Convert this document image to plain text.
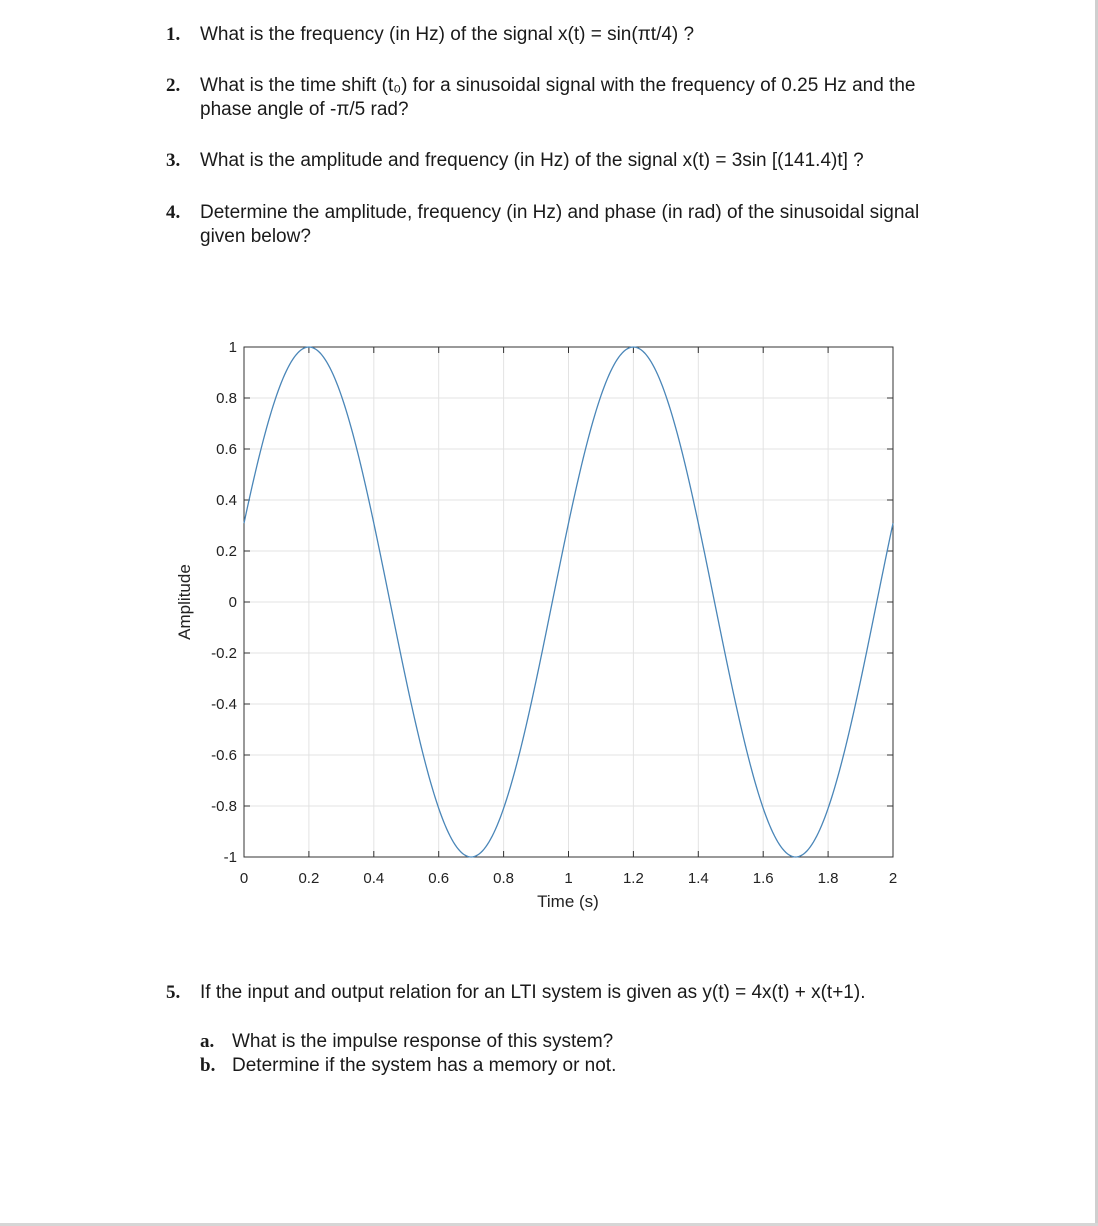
1. What is the frequency (in Hz) of the signal x(t) = sin(πt/4) ?
2. What is the time shift (t₀) for a sinusoidal signal with the frequency of 0.25 Hz and the
phase angle of -π/5 rad?
3. What is the amplitude and frequency (in Hz) of the signal x(t) = 3sin [(141.4)t] ?
4. Determine the amplitude, frequency (in Hz) and phase (in rad) of the sinusoidal signal
given below?
0	0.2	0.4	0.6	0.8	1	1.2	1.4	1.6	1.8	2
1
0.8
0.6
0.4
0.2
0
-0.2
-0.4
-0.6
-0.8
-1
Time (s)
Amplitude
5. If the input and output relation for an LTI system is given as y(t) = 4x(t) + x(t+1).
a. What is the impulse response of this system?
b. Determine if the system has a memory or not.
